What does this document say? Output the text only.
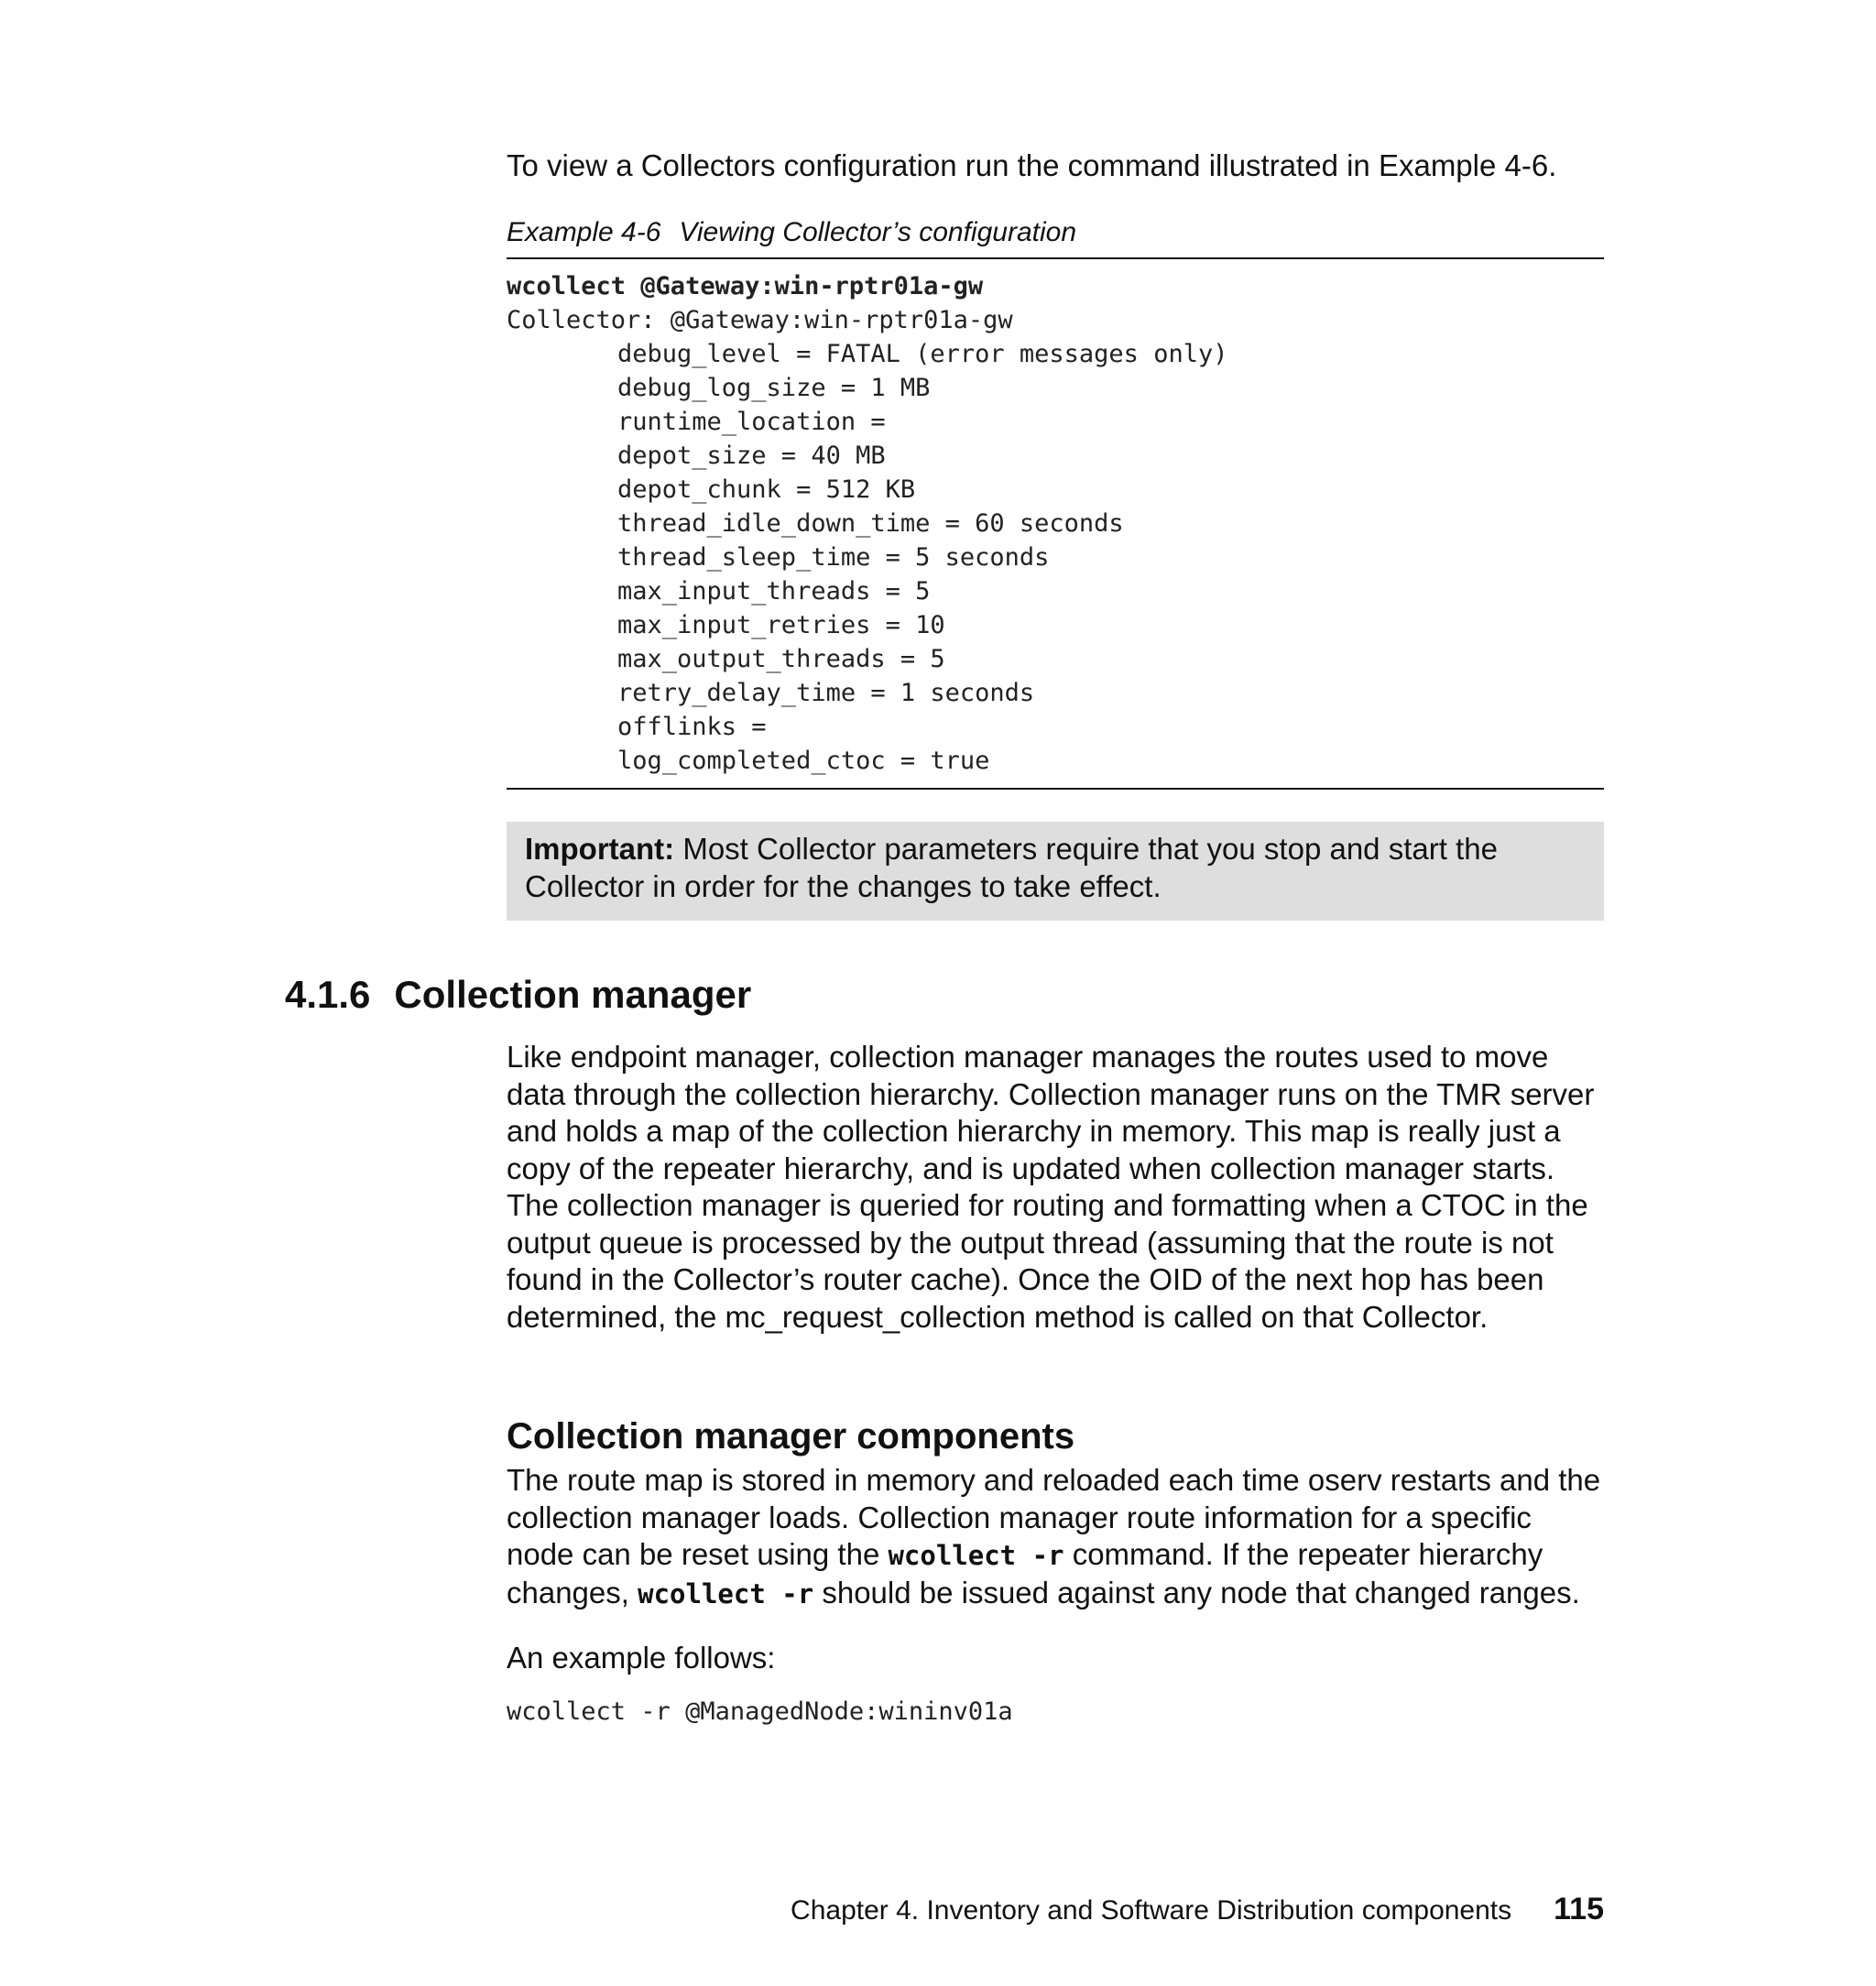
To view a Collectors configuration run the command illustrated in Example 4-6.

Example 4-6 Viewing Collector’s configuration

wcollect @Gateway:win-rptr01a-gw
Collector: @Gateway:win-rptr01a-gw
debug_level = FATAL (error messages only)
debug_log_size = 1 MB
runtime_location =
depot_size = 40 MB
depot_chunk = 512 KB
thread_idle_down_time = 60 seconds
thread_sleep_time = 5 seconds
max_input_threads = 5
max_input_retries = 10
max_output_threads = 5
retry_delay_time = 1 seconds
offlinks =
log_completed_ctoc = true
Important: Most Collector parameters require that you stop and start the Collector in order for the changes to take effect.
4.1.6 Collection manager

Like endpoint manager, collection manager manages the routes used to move data through the collection hierarchy. Collection manager runs on the TMR server and holds a map of the collection hierarchy in memory. This map is really just a copy of the repeater hierarchy, and is updated when collection manager starts. The collection manager is queried for routing and formatting when a CTOC in the output queue is processed by the output thread (assuming that the route is not found in the Collector’s router cache). Once the OID of the next hop has been determined, the mc_request_collection method is called on that Collector.

Collection manager components

The route map is stored in memory and reloaded each time oserv restarts and the collection manager loads. Collection manager route information for a specific node can be reset using the wcollect -r command. If the repeater hierarchy changes, wcollect -r should be issued against any node that changed ranges.

An example follows:

wcollect -r @ManagedNode:wininv01a
Chapter 4. Inventory and Software Distribution components 115
